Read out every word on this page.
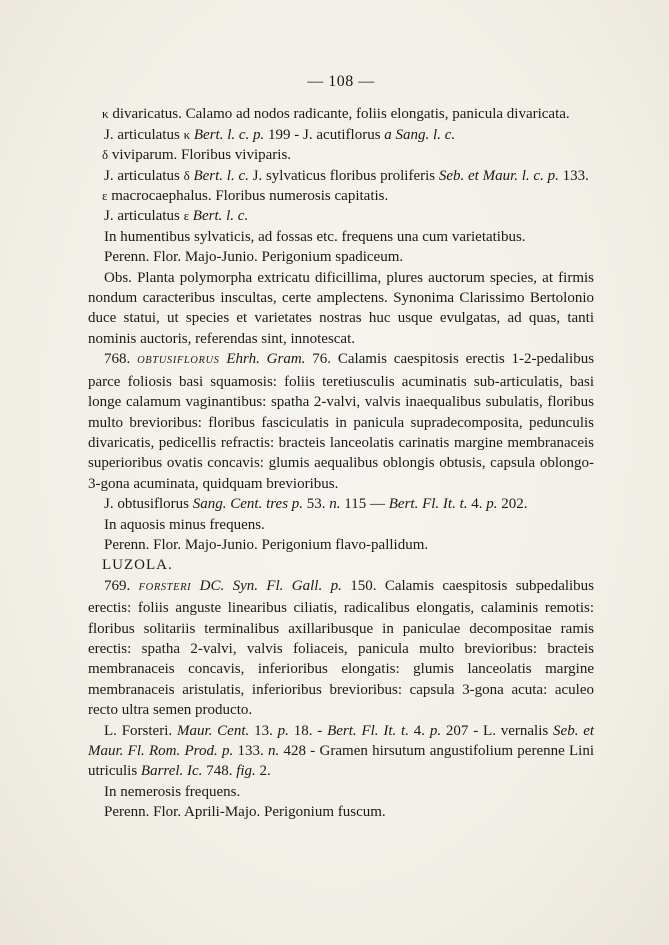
— 108 —

κ divaricatus. Calamo ad nodos radicante, foliis elongatis, panicula divaricata.

J. articulatus κ Bert. l. c. p. 199 - J. acutiflorus a Sang. l. c.

δ viviparum. Floribus viviparis.

J. articulatus δ Bert. l. c. J. sylvaticus floribus proliferis Seb. et Maur. l. c. p. 133.

ε macrocaephalus. Floribus numerosis capitatis.

J. articulatus ε Bert. l. c.

In humentibus sylvaticis, ad fossas etc. frequens una cum varietatibus.

Perenn. Flor. Majo-Junio. Perigonium spadiceum.

Obs. Planta polymorpha extricatu dificillima, plures auctorum species, at firmis nondum caracteribus inscultas, certe amplectens. Synonima Clarissimo Bertolonio duce statui, ut species et varietates nostras huc usque evulgatas, ad quas, tanti nominis auctoris, referendas sint, innotescat.

768. OBTUSIFLORUS Ehrh. Gram. 76. Calamis caespitosis erectis 1-2-pedalibus parce foliosis basi squamosis: foliis teretiusculis acuminatis sub-articulatis, basi longe calamum vaginantibus: spatha 2-valvi, valvis inaequalibus subulatis, floribus multo brevioribus: floribus fasciculatis in panicula supradecomposita, pedunculis divaricatis, pedicellis refractis: bracteis lanceolatis carinatis margine membranaceis superioribus ovatis concavis: glumis aequalibus oblongis obtusis, capsula oblongo-3-gona acuminata, quidquam brevioribus.

J. obtusiflorus Sang. Cent. tres p. 53. n. 115 — Bert. Fl. It. t. 4. p. 202.

In aquosis minus frequens.

Perenn. Flor. Majo-Junio. Perigonium flavo-pallidum.

LUZOLA.

769. FORSTERI DC. Syn. Fl. Gall. p. 150. Calamis caespitosis subpedalibus erectis: foliis anguste linearibus ciliatis, radicalibus elongatis, calaminis remotis: floribus solitariis terminalibus axillaribusque in paniculae decompositae ramis erectis: spatha 2-valvi, valvis foliaceis, panicula multo brevioribus: bracteis membranaceis concavis, inferioribus elongatis: glumis lanceolatis margine membranaceis aristulatis, inferioribus brevioribus: capsula 3-gona acuta: aculeo recto ultra semen producto.

L. Forsteri. Maur. Cent. 13. p. 18. - Bert. Fl. It. t. 4. p. 207 - L. vernalis Seb. et Maur. Fl. Rom. Prod. p. 133. n. 428 - Gramen hirsutum angustifolium perenne Lini utriculis Barrel. Ic. 748. fig. 2.

In nemerosis frequens.

Perenn. Flor. Aprili-Majo. Perigonium fuscum.
